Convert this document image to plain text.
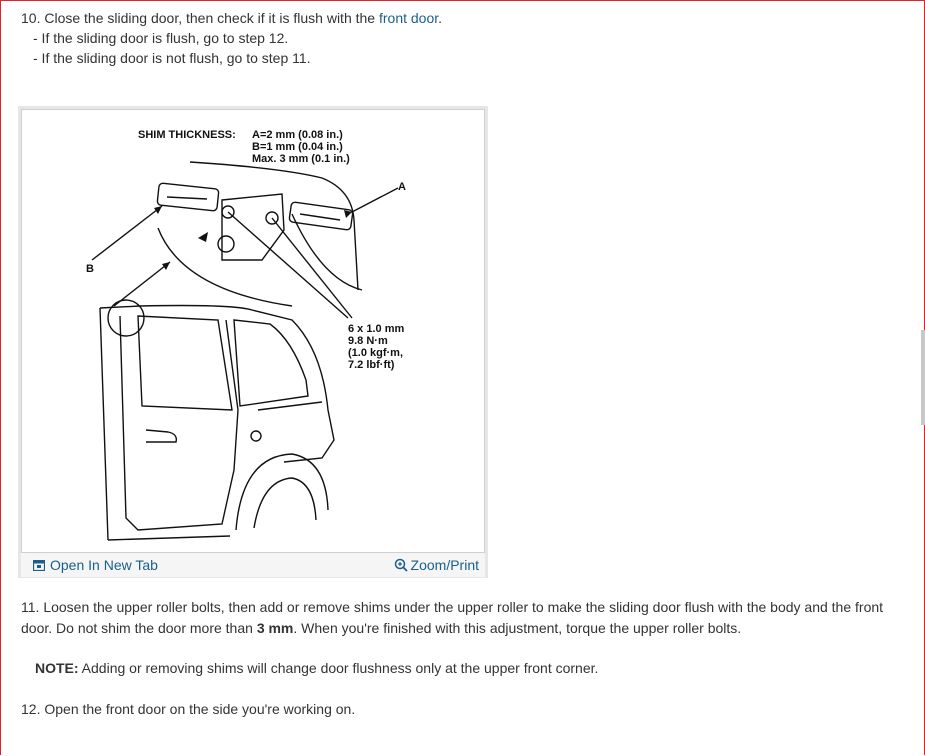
10. Close the sliding door, then check if it is flush with the front door.
- If the sliding door is flush, go to step 12.
- If the sliding door is not flush, go to step 11.
SHIM THICKNESS: A=2 mm (0.08 in.)
B=1 mm (0.04 in.)
Max. 3 mm (0.1 in.)
A
B
6 x 1.0 mm
9.8 N·m
(1.0 kgf·m,
7.2 lbf·ft)
Open In New Tab	Zoom/Print
11. Loosen the upper roller bolts, then add or remove shims under the upper roller to make the sliding door flush with the body and the front door. Do not shim the door more than 3 mm. When you're finished with this adjustment, torque the upper roller bolts.
NOTE: Adding or removing shims will change door flushness only at the upper front corner.
12. Open the front door on the side you're working on.
